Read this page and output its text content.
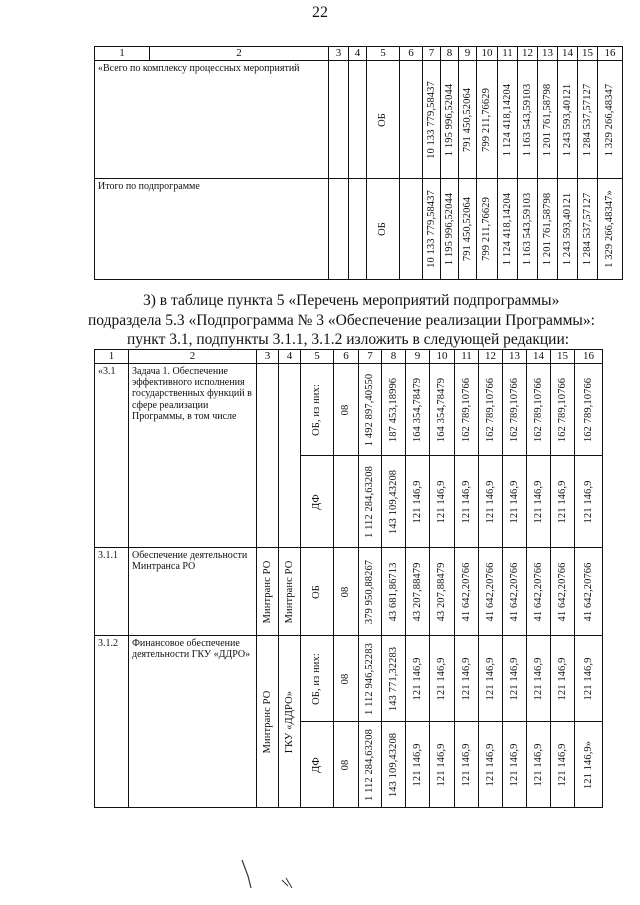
22
1	2	3	4	5	6	7	8	9	10	11	12	13	14	15	16
«Всего по комплексу процессных мероприятий				ОБ		10 133 779,58437	1 195 996,52044	791 450,52064	799 211,76629	1 124 418,14204	1 163 543,59103	1 201 761,58798	1 243 593,40121	1 284 537,57127	1 329 266,48347

Итого по подпрограмме				ОБ		10 133 779,58437	1 195 996,52044	791 450,52064	799 211,76629	1 124 418,14204	1 163 543,59103	1 201 761,58798	1 243 593,40121	1 284 537,57127	1 329 266,48347»

3) в таблице пункта 5 «Перечень мероприятий подпрограммы»

подраздела 5.3 «Подпрограмма № 3 «Обеспечение реализации Программы»:

пункт 3.1, подпункты 3.1.1, 3.1.2 изложить в следующей редакции:

1	2	3	4	5	6	7	8	9	10	11	12	13	14	15	16
«3.1	Задача 1. Обеспечение эффективного исполнения государственных функций в сфере реализации Программы, в том числе			ОБ, из них:	08	1 492 897,40550	187 453,18996	164 354,78479	164 354,78479	162 789,10766	162 789,10766	162 789,10766	162 789,10766	162 789,10766	162 789,10766

				ДФ		1 112 284,63208	143 109,43208	121 146,9	121 146,9	121 146,9	121 146,9	121 146,9	121 146,9	121 146,9	121 146,9

3.1.1	Обеспечение деятельности Минтранса РО	Минтранс РО	Минтранс РО	ОБ	08	379 950,88267	43 681,86713	43 207,88479	43 207,88479	41 642,20766	41 642,20766	41 642,20766	41 642,20766	41 642,20766	41 642,20766

3.1.2	Финансовое обеспечение деятельности ГКУ «ДДРО»	Минтранс РО	ГКУ «ДДРО»	ОБ, из них:	08	1 112 946,52283	143 771,32283	121 146,9	121 146,9	121 146,9	121 146,9	121 146,9	121 146,9	121 146,9	121 146,9

				ДФ	08	1 112 284,63208	143 109,43208	121 146,9	121 146,9	121 146,9	121 146,9	121 146,9	121 146,9	121 146,9	121 146,9»
